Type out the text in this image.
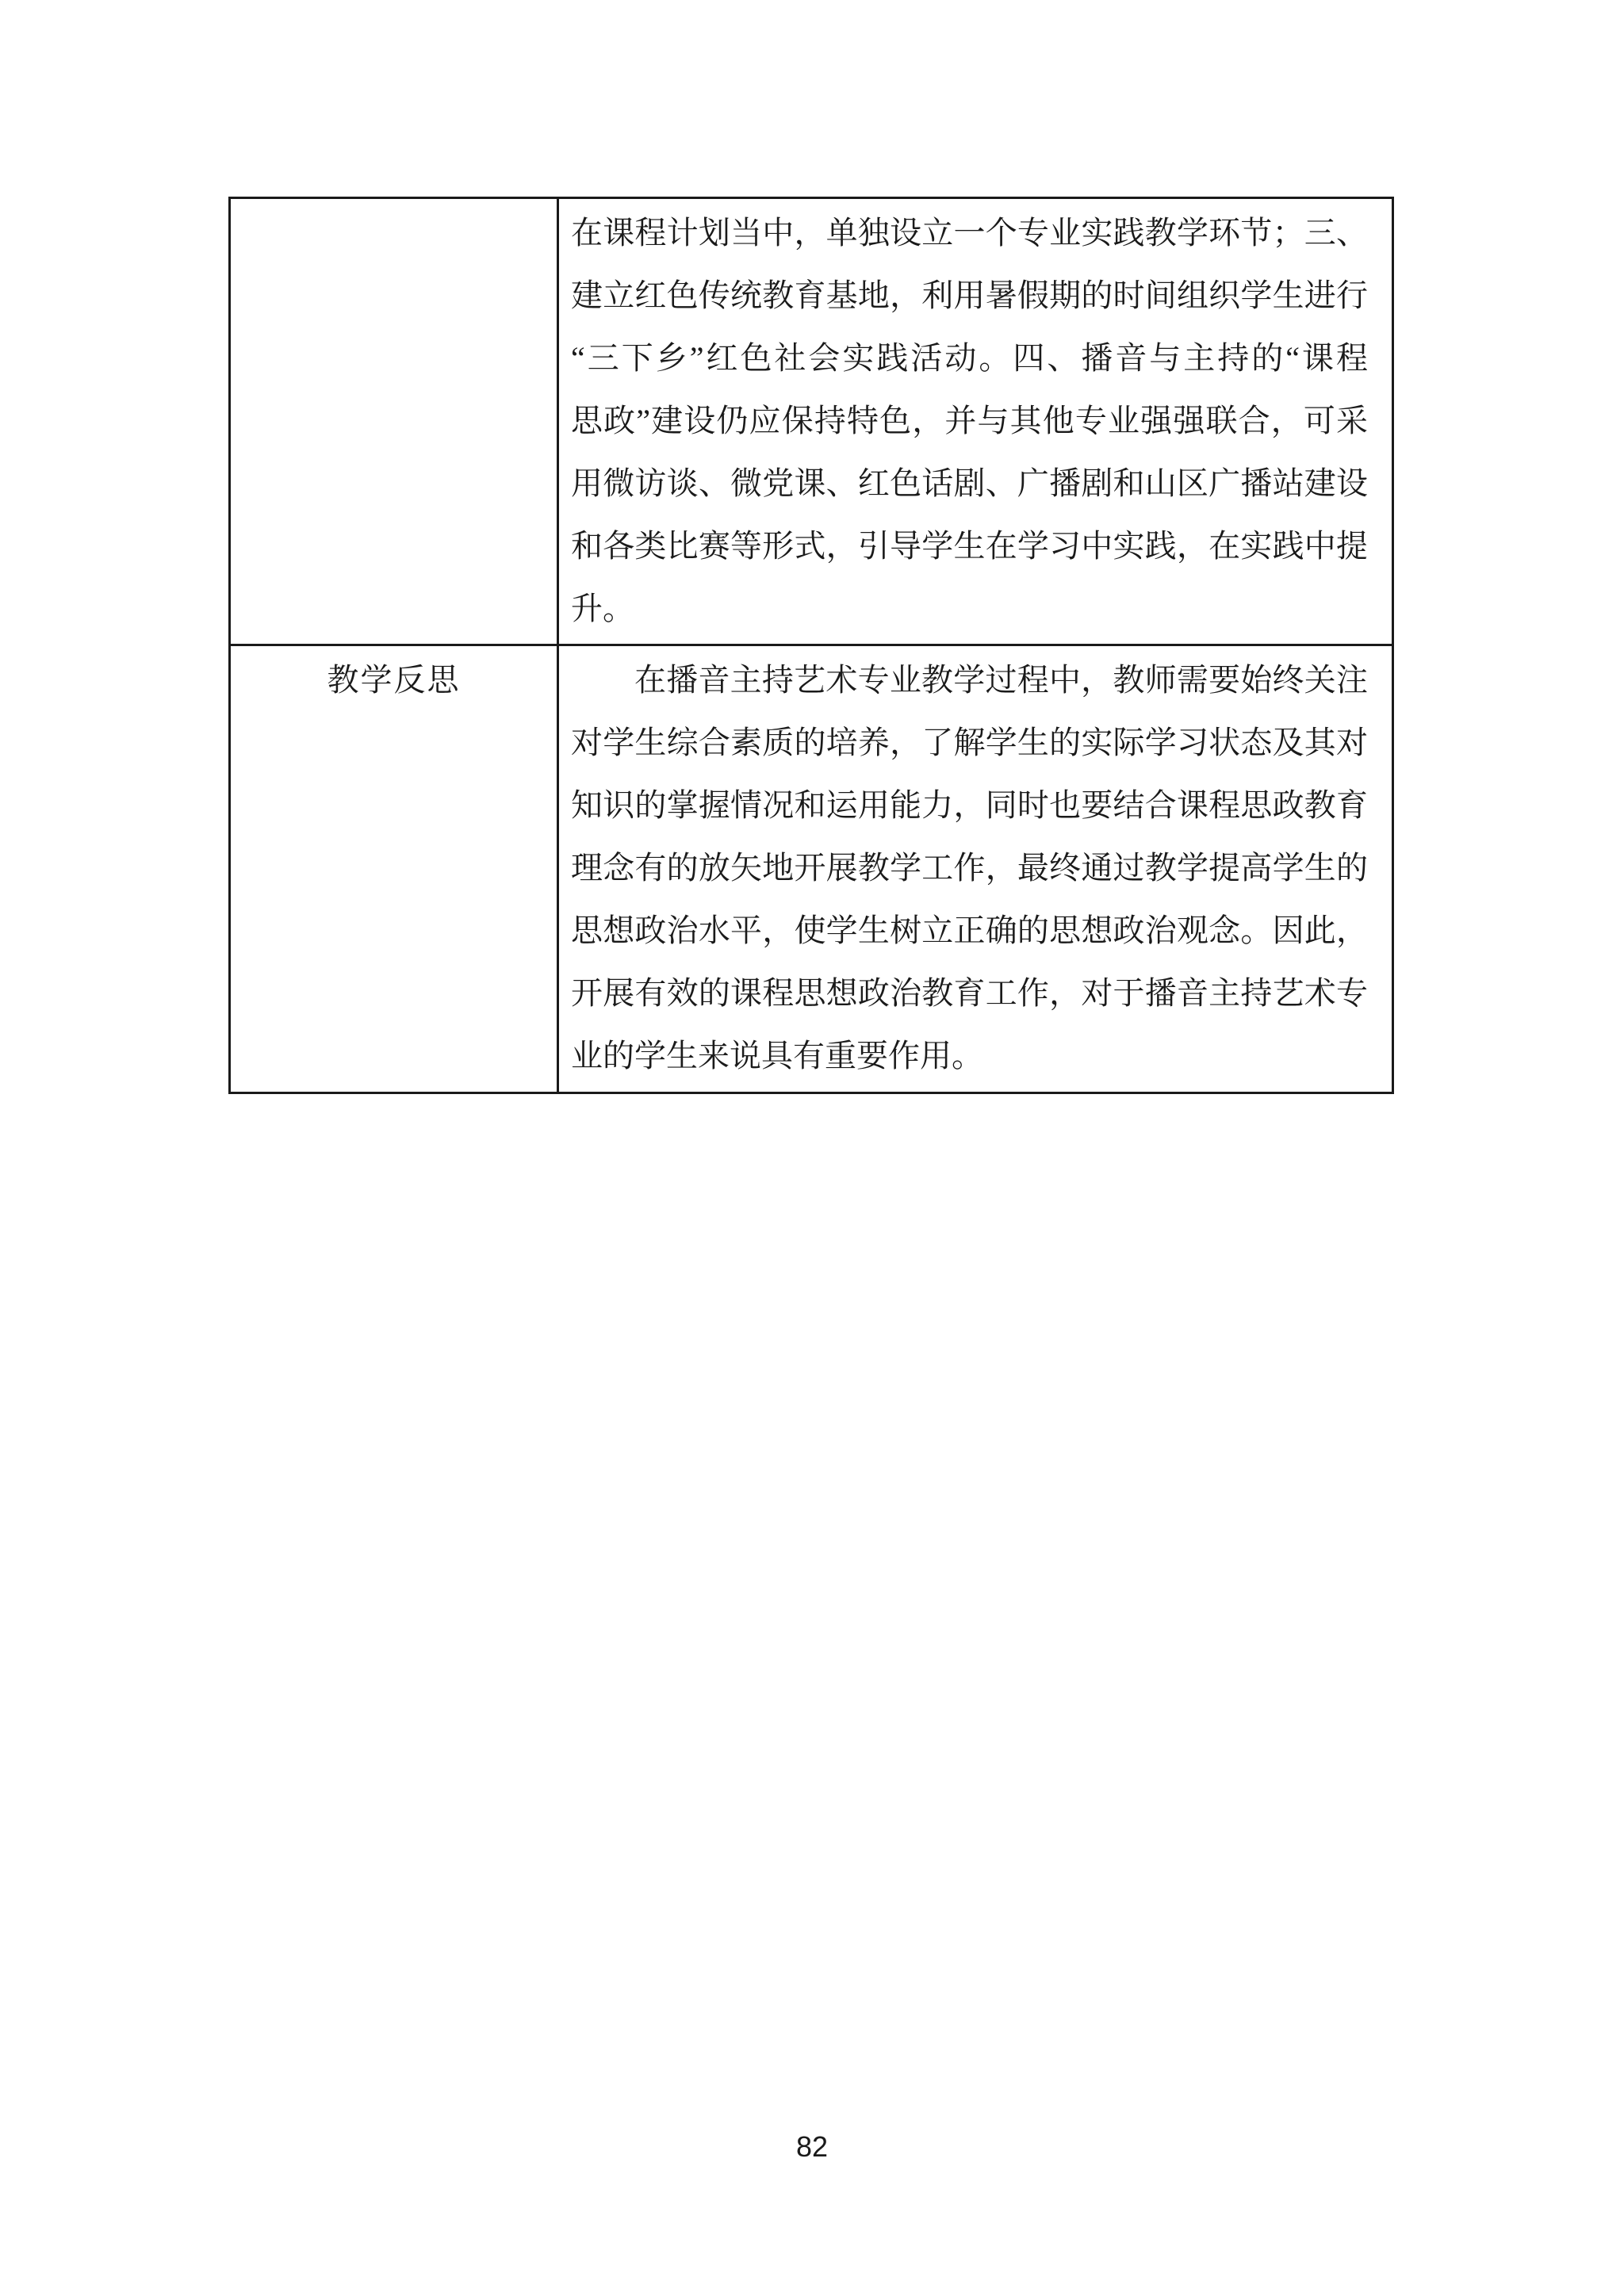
在课程计划当中，单独设立一个专业实践教学环节；三、
建立红色传统教育基地，利用暑假期的时间组织学生进行
“三下乡”红色社会实践活动。四、播音与主持的“课程
思政”建设仍应保持特色，并与其他专业强强联合，可采
用微访谈、微党课、红色话剧、广播剧和山区广播站建设
和各类比赛等形式，引导学生在学习中实践，在实践中提
升。
教学反思	在播音主持艺术专业教学过程中，教师需要始终关注
对学生综合素质的培养，了解学生的实际学习状态及其对
知识的掌握情况和运用能力，同时也要结合课程思政教育
理念有的放矢地开展教学工作，最终通过教学提高学生的
思想政治水平，使学生树立正确的思想政治观念。因此，
开展有效的课程思想政治教育工作，对于播音主持艺术专
业的学生来说具有重要作用。
82
